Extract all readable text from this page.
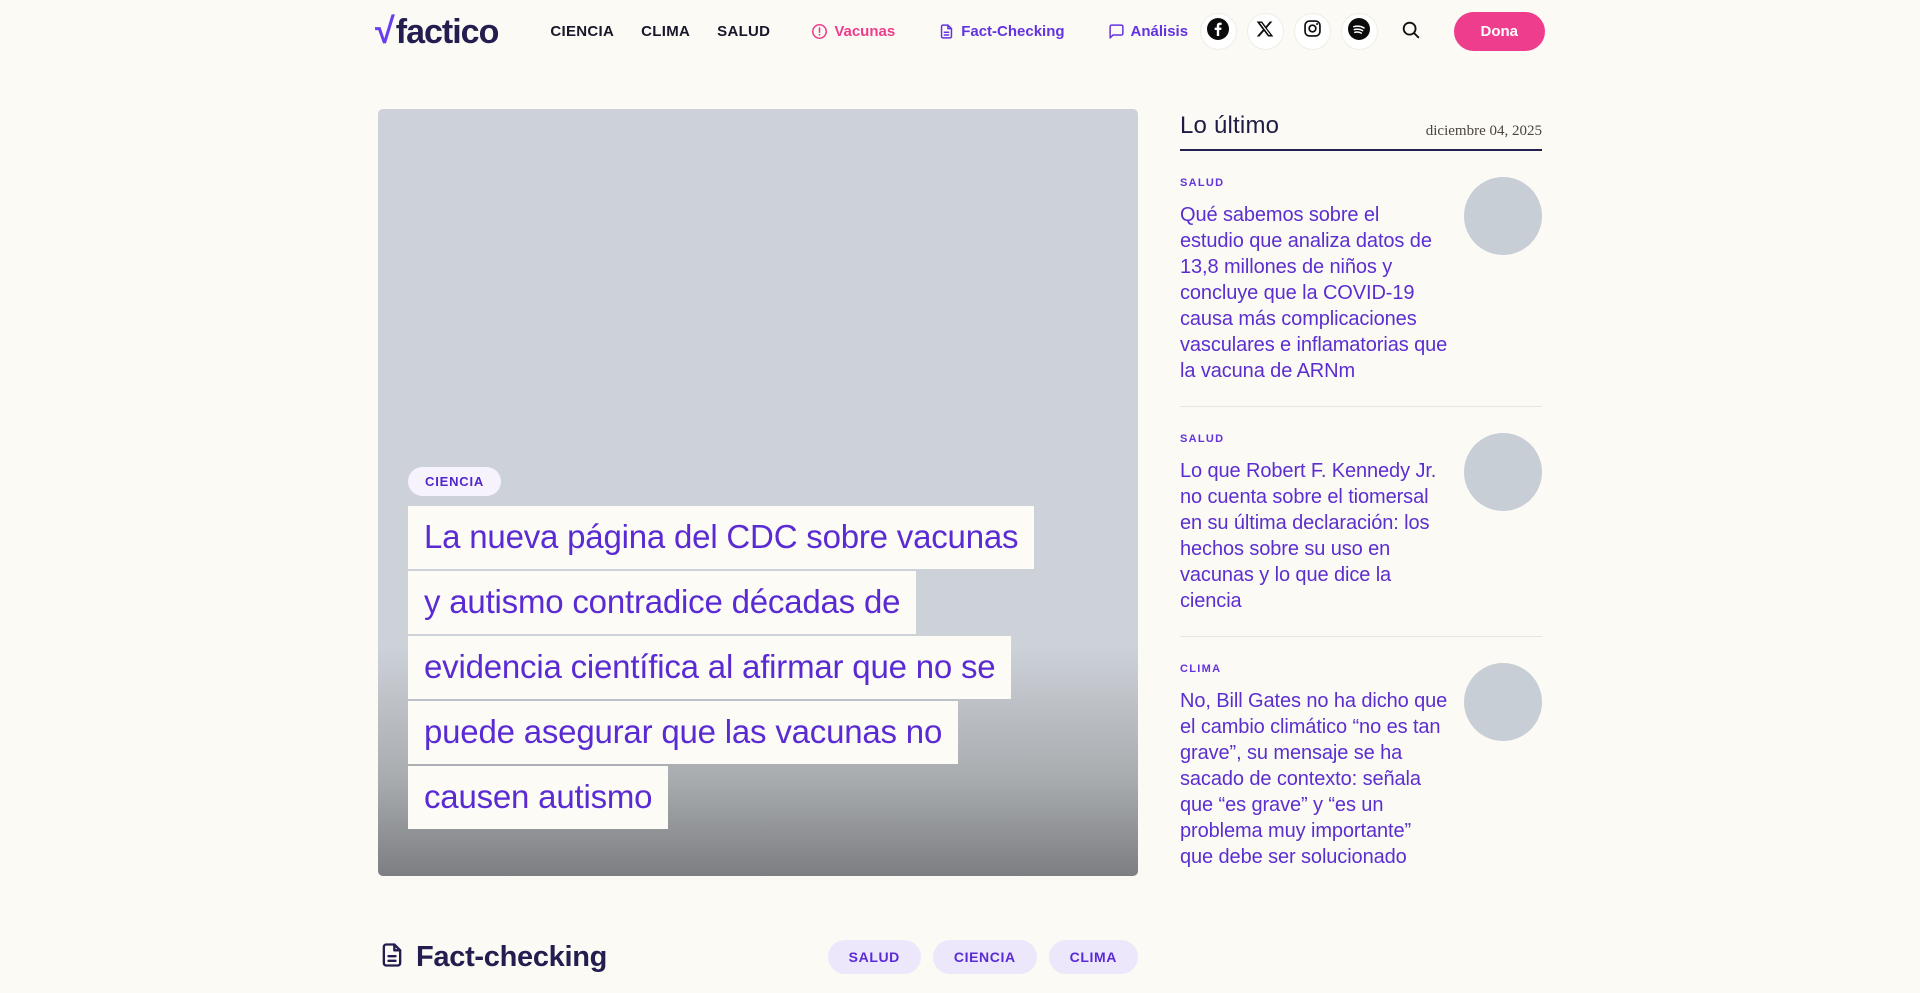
√ factico	CIENCIA CLIMA SALUD	Vacunas	Fact-Checking	Análisis	Dona
CIENCIA
La nueva página del CDC sobre vacunas
y autismo contradice décadas de
evidencia científica al afirmar que no se
puede asegurar que las vacunas no
causen autismo
Fact-checking	SALUD	CIENCIA	CLIMA
Lo último	diciembre 04, 2025
SALUD
Qué sabemos sobre el estudio que analiza datos de 13,8 millones de niños y concluye que la COVID-19 causa más complicaciones vasculares e inflamatorias que la vacuna de ARNm
SALUD
Lo que Robert F. Kennedy Jr. no cuenta sobre el tiomersal en su última declaración: los hechos sobre su uso en vacunas y lo que dice la ciencia
CLIMA
No, Bill Gates no ha dicho que el cambio climático “no es tan grave”, su mensaje se ha sacado de contexto: señala que “es grave” y “es un problema muy importante” que debe ser solucionado
